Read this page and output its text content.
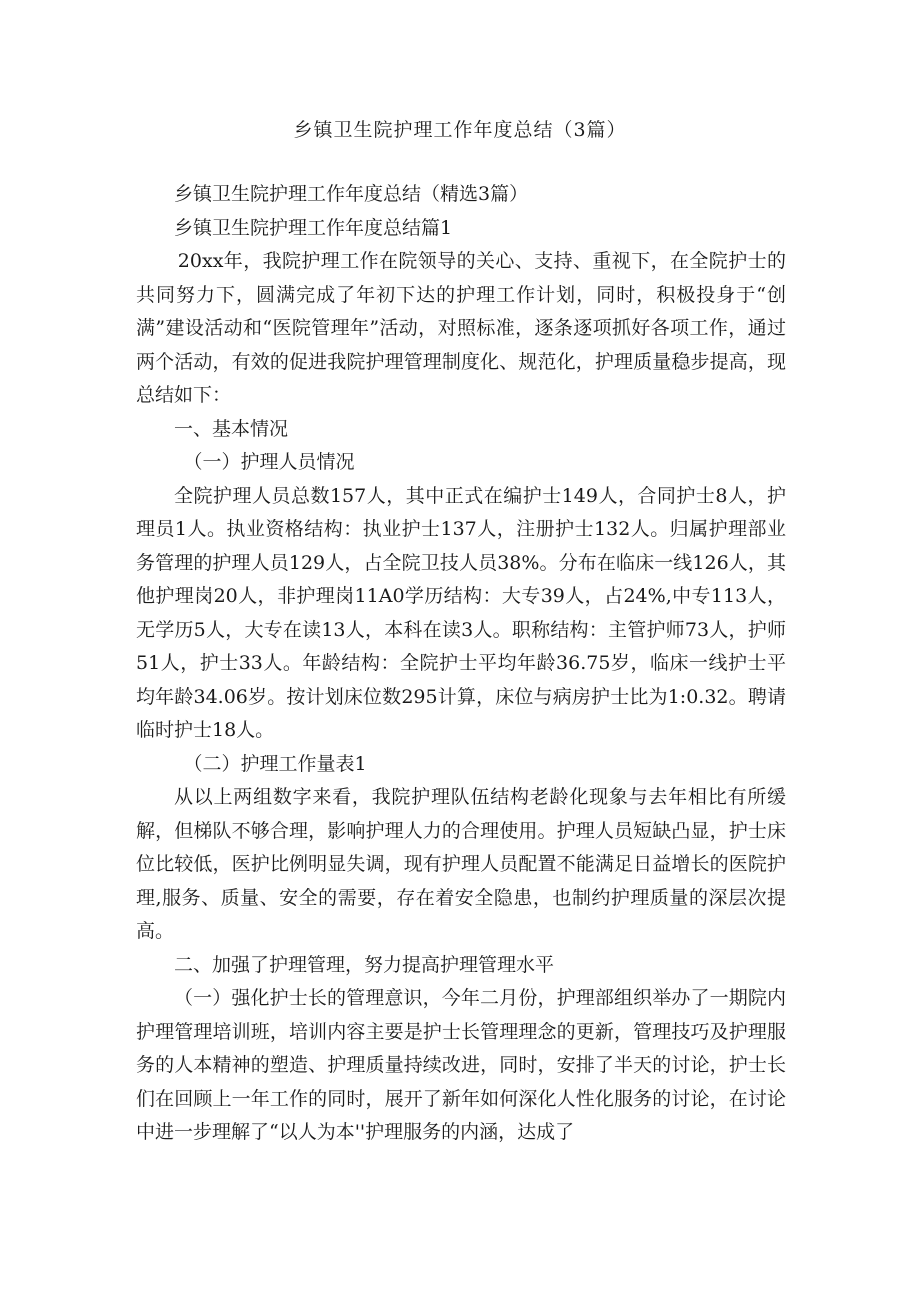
乡镇卫生院护理工作年度总结（3篇）

乡镇卫生院护理工作年度总结（精选3篇）

乡镇卫生院护理工作年度总结篇1

20xx年，我院护理工作在院领导的关心、支持、重视下，在全院护士的共同努力下，圆满完成了年初下达的护理工作计划，同时，积极投身于“创满”建设活动和“医院管理年”活动，对照标准，逐条逐项抓好各项工作，通过两个活动，有效的促进我院护理管理制度化、规范化，护理质量稳步提高，现总结如下：

一、基本情况

（一）护理人员情况

全院护理人员总数157人，其中正式在编护士149人，合同护士8人，护理员1人。执业资格结构：执业护士137人，注册护士132人。归属护理部业务管理的护理人员129人，占全院卫技人员38%。分布在临床一线126人，其他护理岗20人，非护理岗11A0学历结构：大专39人，占24%,中专113人，无学历5人，大专在读13人，本科在读3人。职称结构：主管护师73人，护师51人，护士33人。年龄结构：全院护士平均年龄36.75岁，临床一线护士平均年龄34.06岁。按计划床位数295计算，床位与病房护士比为1:0.32。聘请临时护士18人。

（二）护理工作量表1

从以上两组数字来看，我院护理队伍结构老龄化现象与去年相比有所缓解，但梯队不够合理，影响护理人力的合理使用。护理人员短缺凸显，护士床位比较低，医护比例明显失调，现有护理人员配置不能满足日益增长的医院护理,服务、质量、安全的需要，存在着安全隐患，也制约护理质量的深层次提高。

二、加强了护理管理，努力提高护理管理水平

（一）强化护士长的管理意识，今年二月份，护理部组织举办了一期院内护理管理培训班，培训内容主要是护士长管理理念的更新，管理技巧及护理服务的人本精神的塑造、护理质量持续改进，同时，安排了半天的讨论，护士长们在回顾上一年工作的同时，展开了新年如何深化人性化服务的讨论，在讨论中进一步理解了“以人为本''护理服务的内涵，达成了
